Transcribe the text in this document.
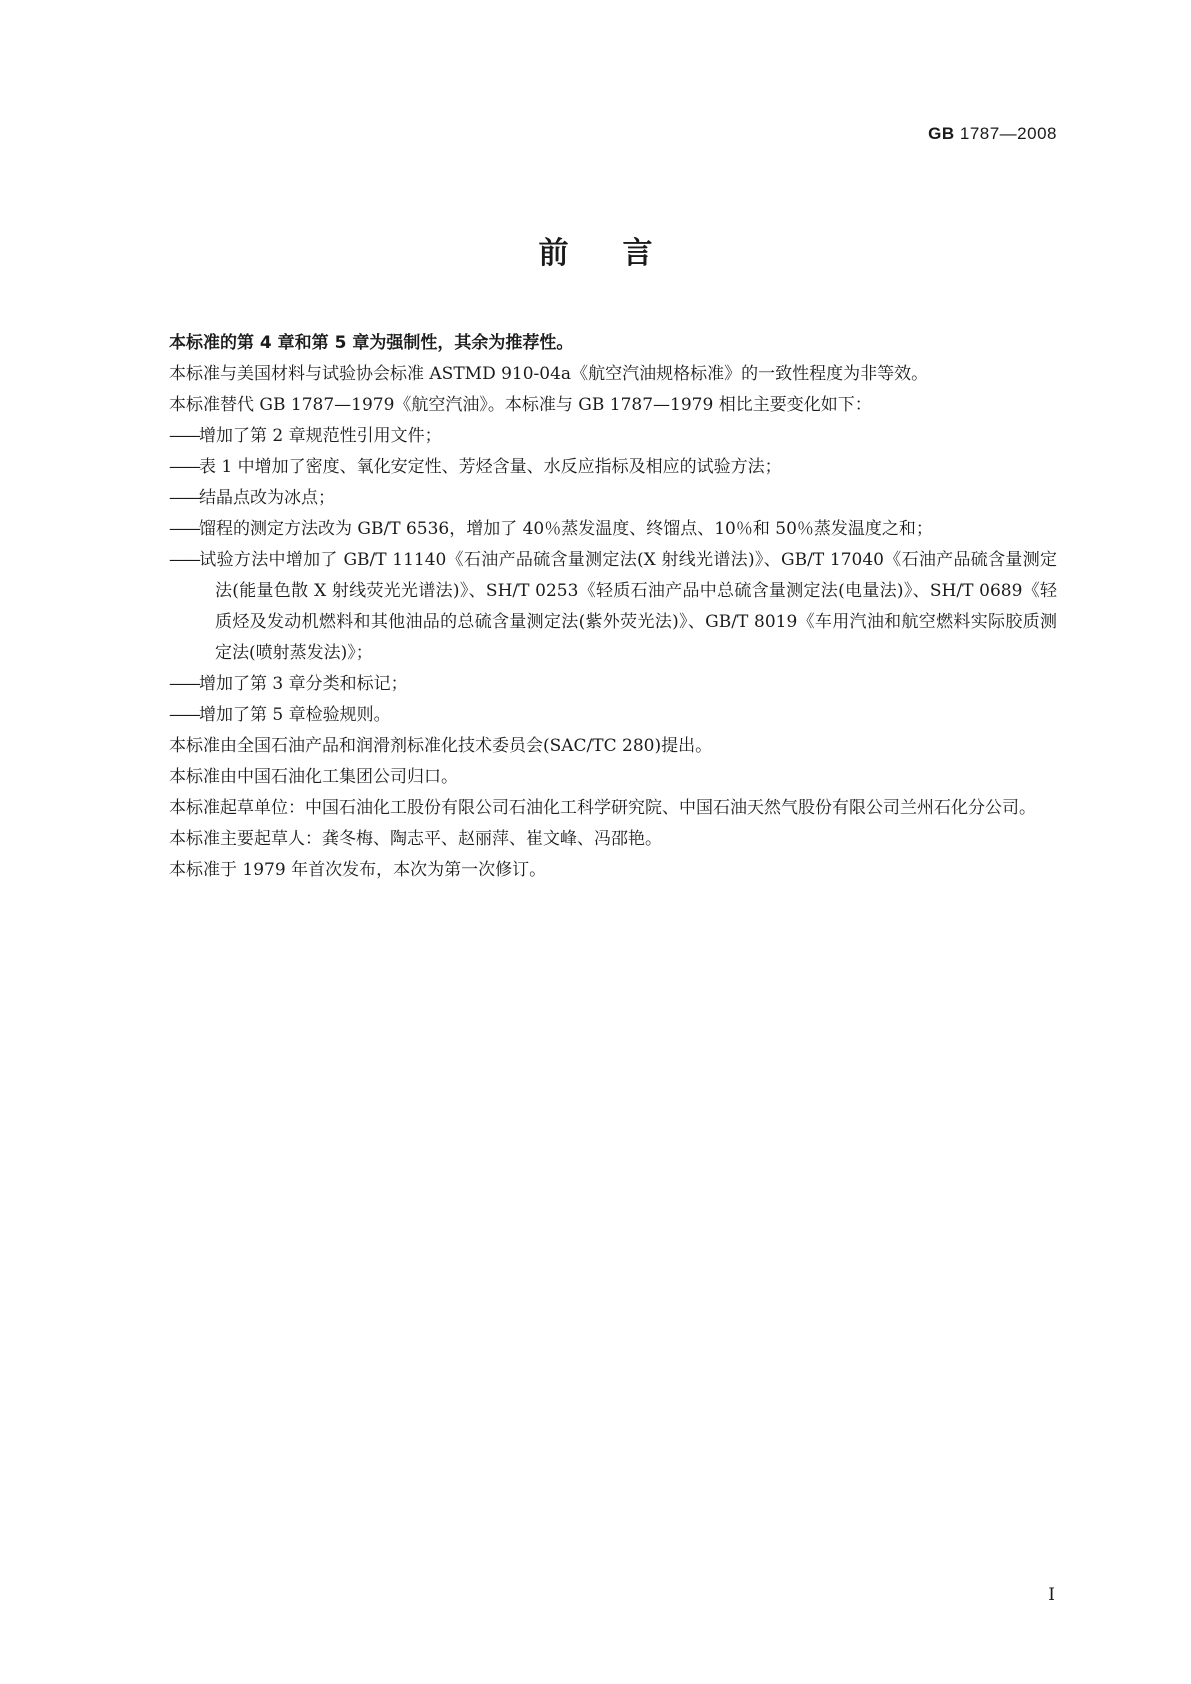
GB 1787—2008
前言

本标准的第 4 章和第 5 章为强制性，其余为推荐性。

本标准与美国材料与试验协会标准 ASTMD 910-04a《航空汽油规格标准》的一致性程度为非等效。

本标准替代 GB 1787—1979《航空汽油》。本标准与 GB 1787—1979 相比主要变化如下：

——增加了第 2 章规范性引用文件；
——表 1 中增加了密度、氧化安定性、芳烃含量、水反应指标及相应的试验方法；
——结晶点改为冰点；
——馏程的测定方法改为 GB/T 6536，增加了 40％蒸发温度、终馏点、10％和 50％蒸发温度之和；
——试验方法中增加了 GB/T 11140《石油产品硫含量测定法(X 射线光谱法)》、GB/T 17040《石油产品硫含量测定法(能量色散 X 射线荧光光谱法)》、SH/T 0253《轻质石油产品中总硫含量测定法(电量法)》、SH/T 0689《轻质烃及发动机燃料和其他油品的总硫含量测定法(紫外荧光法)》、GB/T 8019《车用汽油和航空燃料实际胶质测定法(喷射蒸发法)》；
——增加了第 3 章分类和标记；
——增加了第 5 章检验规则。

本标准由全国石油产品和润滑剂标准化技术委员会(SAC/TC 280)提出。

本标准由中国石油化工集团公司归口。

本标准起草单位：中国石油化工股份有限公司石油化工科学研究院、中国石油天然气股份有限公司兰州石化分公司。

本标准主要起草人：龚冬梅、陶志平、赵丽萍、崔文峰、冯邵艳。

本标准于 1979 年首次发布，本次为第一次修订。

I
